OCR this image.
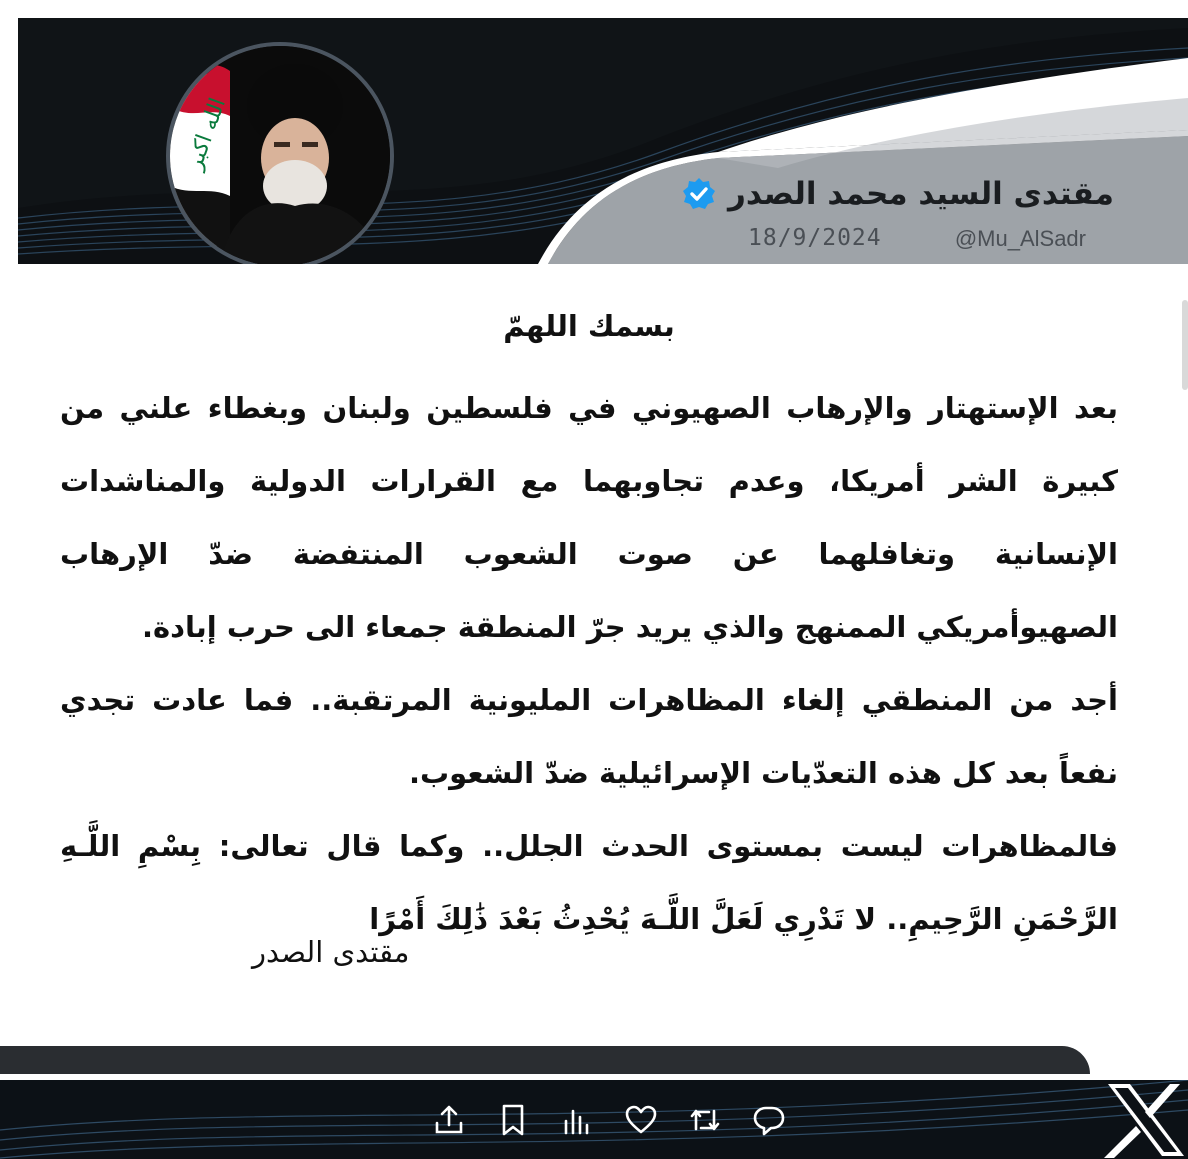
الله اكبر
مقتدى السيد محمد الصدر
@Mu_AlSadr
18/9/2024

بسمك اللهمّ

بعد الإستهتار والإرهاب الصهيوني في فلسطين ولبنان وبغطاء علني من كبيرة الشر أمريكا، وعدم تجاوبهما مع القرارات الدولية والمناشدات الإنسانية وتغافلهما عن صوت الشعوب المنتفضة ضدّ الإرهاب الصهيوأمريكي الممنهج والذي يريد جرّ المنطقة جمعاء الى حرب إبادة.

أجد من المنطقي إلغاء المظاهرات المليونية المرتقبة.. فما عادت تجدي نفعاً بعد كل هذه التعدّيات الإسرائيلية ضدّ الشعوب.

فالمظاهرات ليست بمستوى الحدث الجلل.. وكما قال تعالى: بِسْمِ اللَّـهِ الرَّحْمَنِ الرَّحِيمِ.. لا تَدْرِي لَعَلَّ اللَّـهَ يُحْدِثُ بَعْدَ ذَٰلِكَ أَمْرًا

مقتدى الصدر
